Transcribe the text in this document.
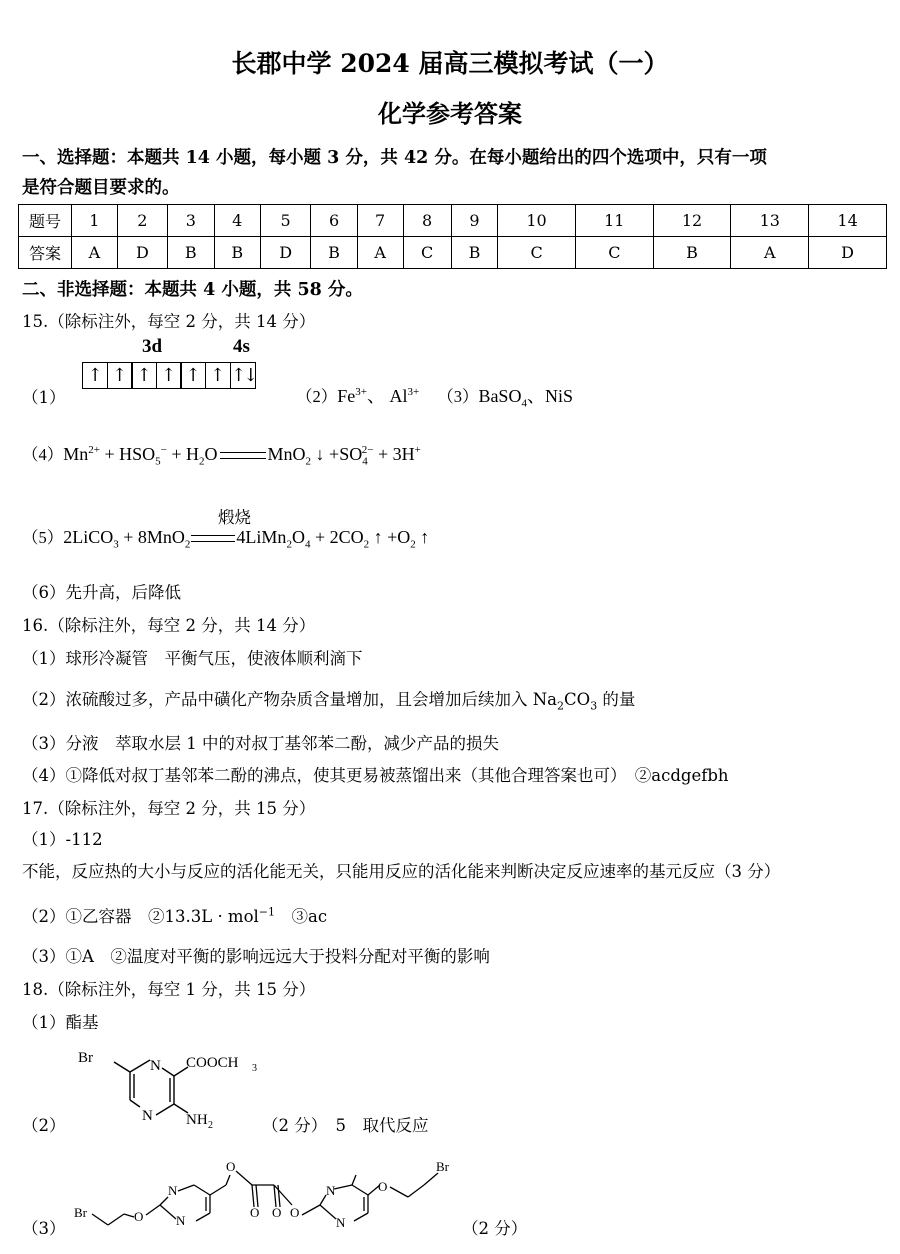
长郡中学 2024 届高三模拟考试（一）
化学参考答案
一、选择题：本题共 14 小题，每小题 3 分，共 42 分。在每小题给出的四个选项中，只有一项
是符合题目要求的。
题号	1	2	3	4	5	6	7	8	9	10	11	12	13	14
答案	A	D	B	B	D	B	A	C	B	C	C	B	A	D
二、非选择题：本题共 4 小题，共 58 分。
15.（除标注外，每空 2 分，共 14 分）
（1）
3d	4s
↑ ↑ ↑ ↑ ↑ ↑ ↑↓
$(2)Fe^{3+}$、 $Al^{3+}$ （3）BaSO$_4$、NiS
$(4)Mn^{2+} + HSO_5^- + H_2O$	MnO$_2$ ↓ $+SO_4^{2-} + 3H^+$
煅烧
（5）2LiCO$_3$ + 8MnO$_2$	$4LiMn_2O_4 + 2CO_2$ ↑ $+O_2$ ↑
（6）先升高，后降低
16.（除标注外，每空 2 分，共 14 分）
（1）球形冷凝管　平衡气压，使液体顺利滴下
（2）浓硫酸过多，产品中磺化产物杂质含量增加，且会增加后续加入 $Na_2CO_3$ 的量
（3）分液　萃取水层 1 中的对叔丁基邻苯二酚，减少产品的损失
（4）①降低对叔丁基邻苯二酚的沸点，使其更易被蒸馏出来（其他合理答案也可）　②acdgefbh
17.（除标注外，每空 2 分，共 15 分）
（1）-112
不能，反应热的大小与反应的活化能无关，只能用反应的活化能来判断决定反应速率的基元反应（3 分）
（2）①乙容器　②13.3L · mol$^{-1}$　③ac
（3）①A　②温度对平衡的影响远远大于投料分配对平衡的影响
18.（除标注外，每空 1 分，共 15 分）
（1）酯基
（2）
Br	N
N
COOCH 3
NH 2	（2 分）　5　取代反应
（3）
Br	O
N
N
O
O O O
N
N
O
Br
（2 分）
